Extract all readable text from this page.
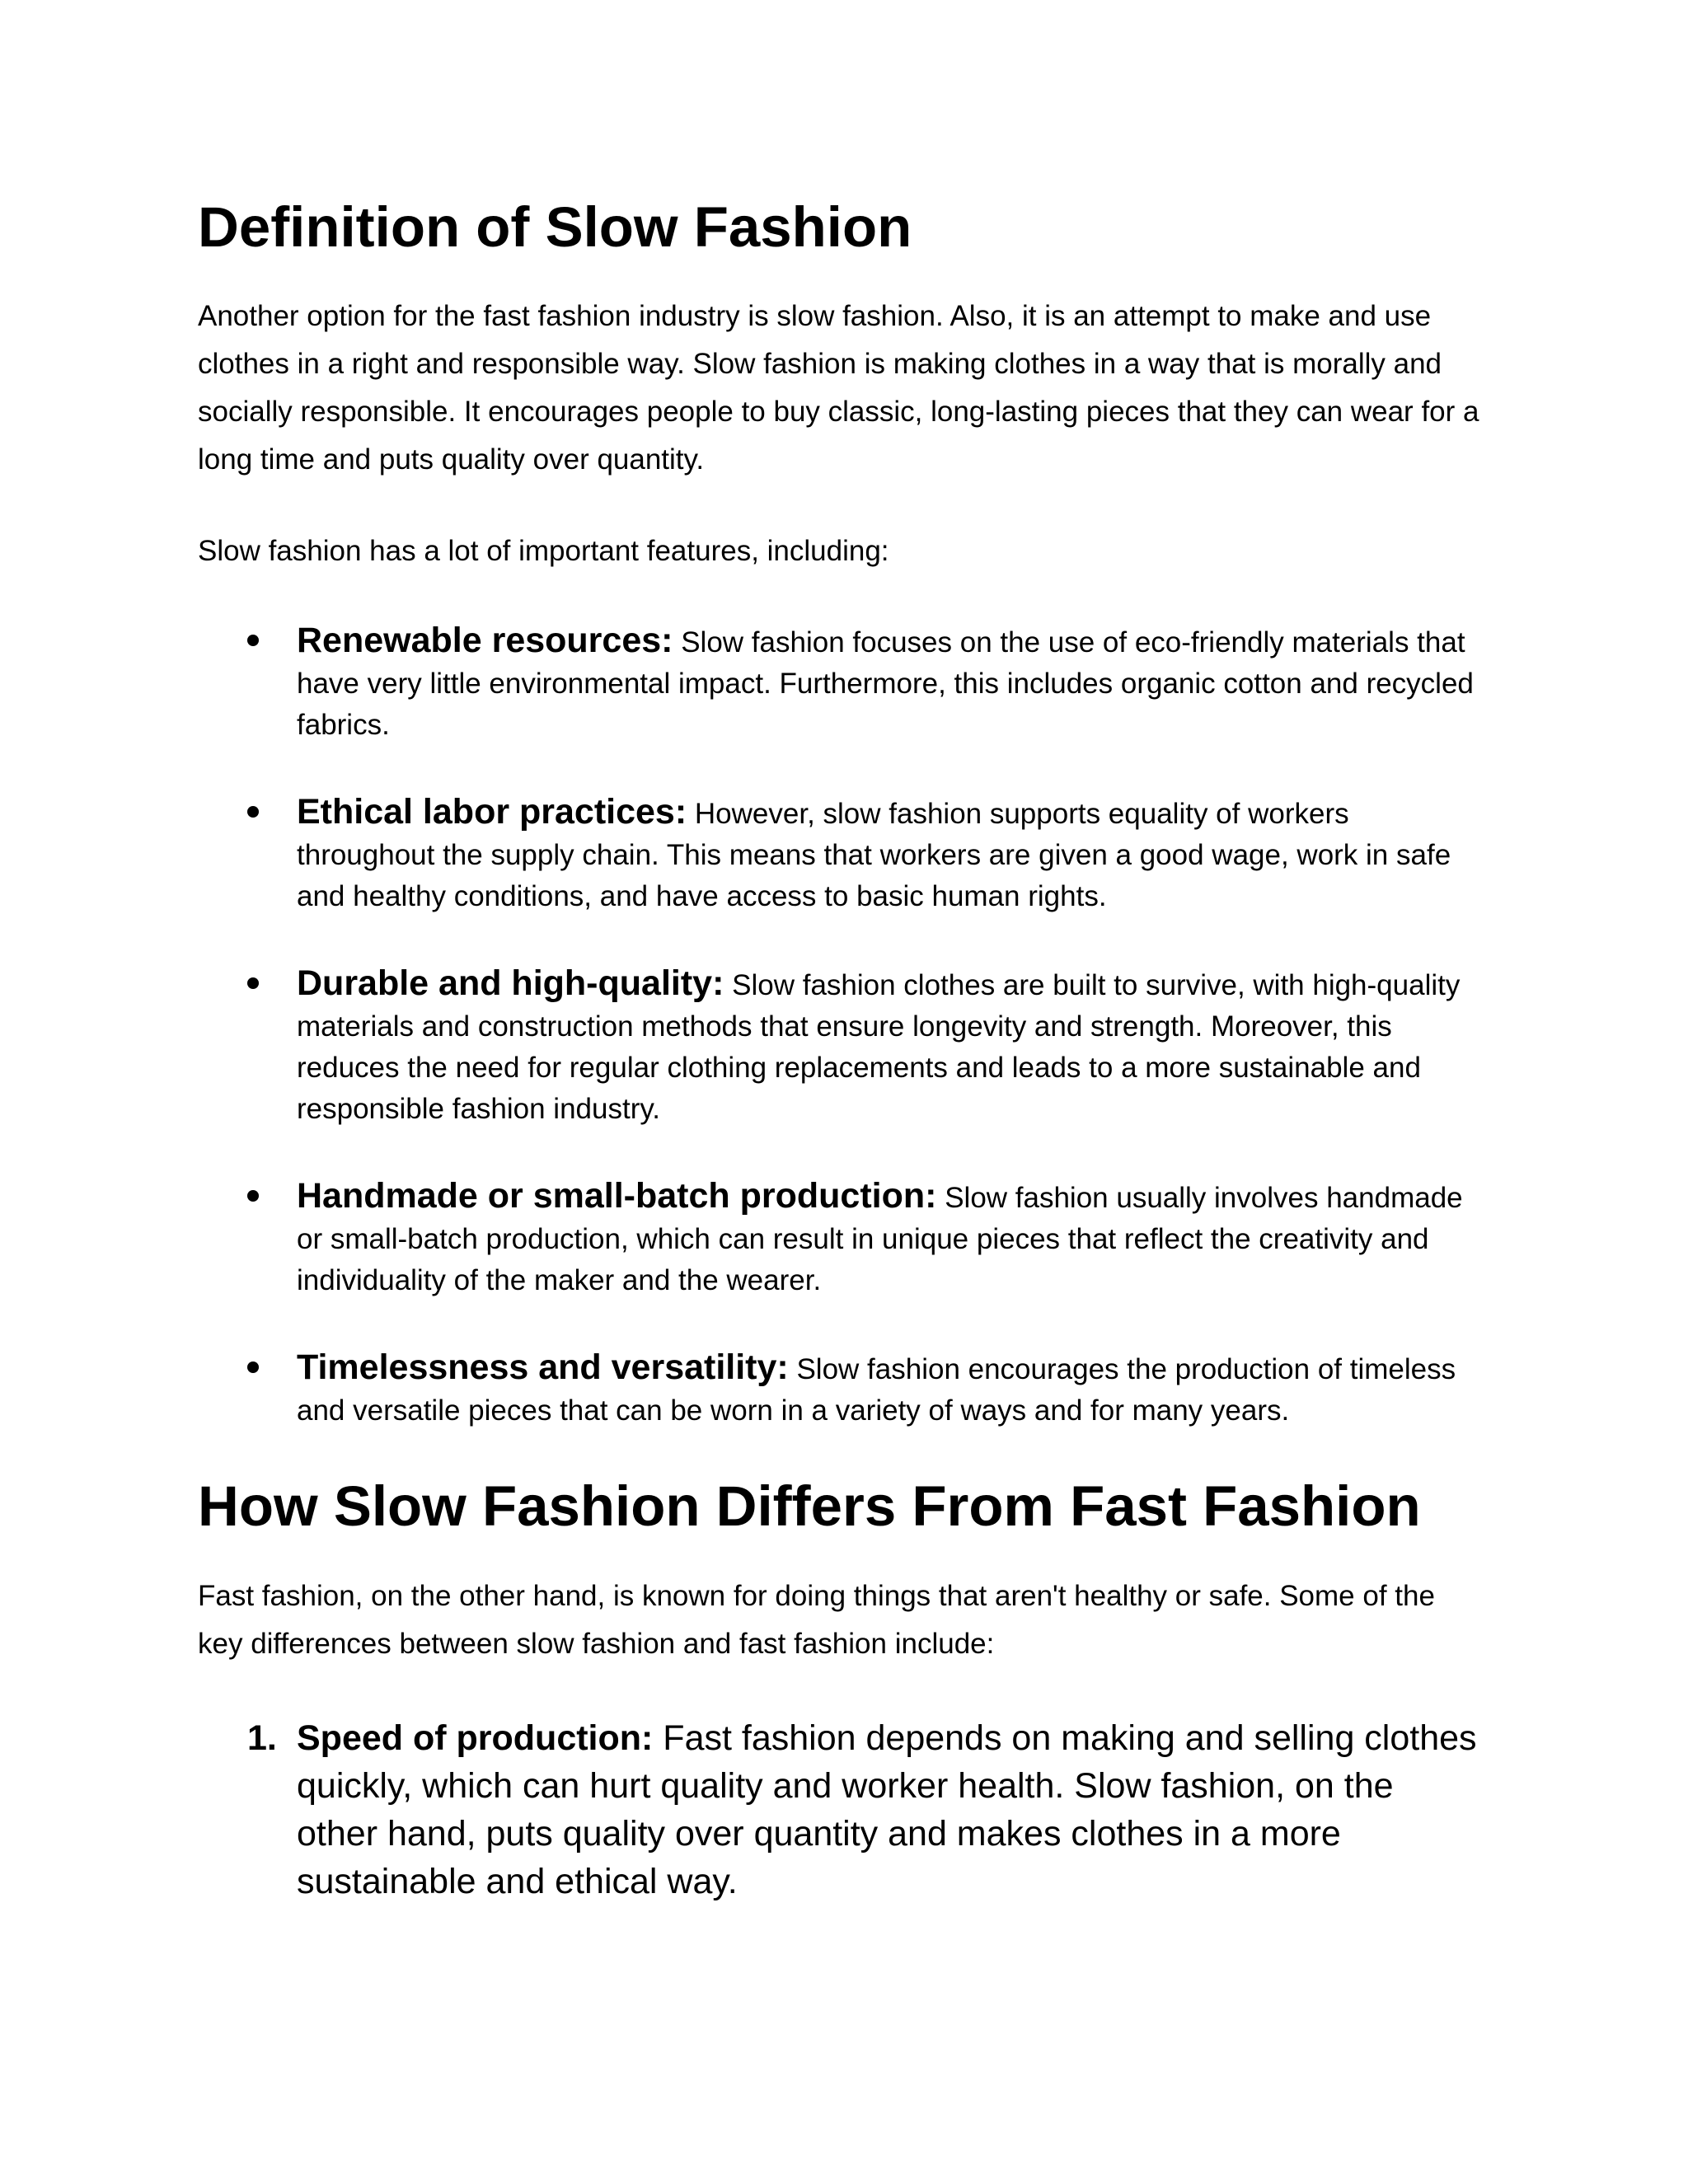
Definition of Slow Fashion

Another option for the fast fashion industry is slow fashion. Also, it is an attempt to make and use clothes in a right and responsible way. Slow fashion is making clothes in a way that is morally and socially responsible. It encourages people to buy classic, long-lasting pieces that they can wear for a long time and puts quality over quantity.

Slow fashion has a lot of important features, including:

Renewable resources: Slow fashion focuses on the use of eco-friendly materials that have very little environmental impact. Furthermore, this includes organic cotton and recycled fabrics.
Ethical labor practices: However, slow fashion supports equality of workers throughout the supply chain. This means that workers are given a good wage, work in safe and healthy conditions, and have access to basic human rights.
Durable and high-quality: Slow fashion clothes are built to survive, with high-quality materials and construction methods that ensure longevity and strength. Moreover, this reduces the need for regular clothing replacements and leads to a more sustainable and responsible fashion industry.
Handmade or small-batch production: Slow fashion usually involves handmade or small-batch production, which can result in unique pieces that reflect the creativity and individuality of the maker and the wearer.
Timelessness and versatility: Slow fashion encourages the production of timeless and versatile pieces that can be worn in a variety of ways and for many years.
How Slow Fashion Differs From Fast Fashion

Fast fashion, on the other hand, is known for doing things that aren't healthy or safe. Some of the key differences between slow fashion and fast fashion include:

1. Speed of production: Fast fashion depends on making and selling clothes quickly, which can hurt quality and worker health. Slow fashion, on the other hand, puts quality over quantity and makes clothes in a more sustainable and ethical way.
